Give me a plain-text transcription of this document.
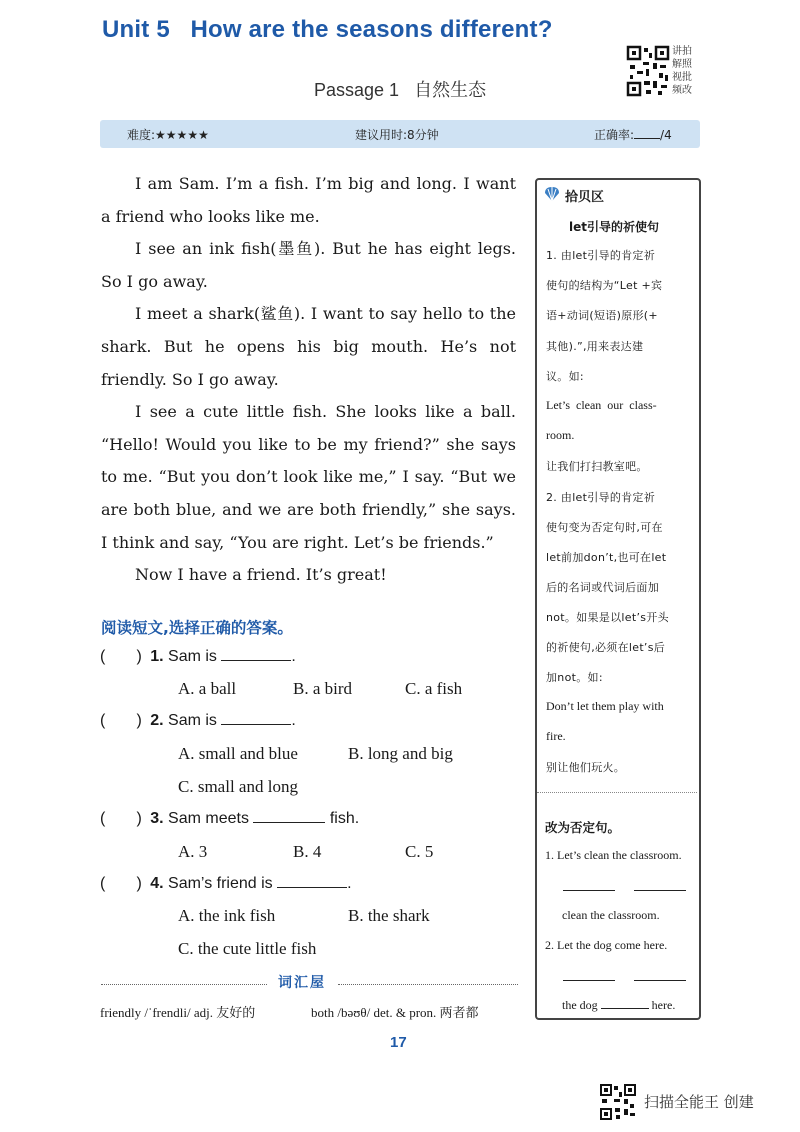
Unit 5   How are the seasons different?
Passage 1   自然生态
讲拍
解照
视批
频改
难度:★★★★★	建议用时:8分钟	正确率: /4

I am Sam. I’m a fish. I’m big and long. I want a friend who looks like me.

I see an ink fish(墨鱼). But he has eight legs. So I go away.

I meet a shark(鲨鱼). I want to say hello to the shark. But he opens his big mouth. He’s not friendly. So I go away.

I see a cute little fish. She looks like a ball. “Hello! Would you like to be my friend?” she says to me. “But you don’t look like me,” I say. “But we are both blue, and we are both friendly,” she says. I think and say, “You are right. Let’s be friends.”

Now I have a friend. It’s great!

阅读短文,选择正确的答案。
(       ) 1. Sam is	.
A. a ball	B. a bird	C. a fish
(       ) 2. Sam is	.
A. small and blue	B. long and big
C. small and long
(       ) 3. Sam meets	fish.
A. 3	B. 4	C. 5
(       ) 4. Sam’s friend is	.
A. the ink fish	B. the shark
C. the cute little fish
词汇屋
friendly /ˈfrendli/ adj. 友好的	both /bəʊθ/ det. & pron. 两者都
拾贝区
let引导的祈使句
1. 由let引导的肯定祈
使句的结构为“Let +宾
语+动词(短语)原形(+
其他).”,用来表达建
议。如:
Let’s  clean  our  class-
room.
让我们打扫教室吧。
2. 由let引导的肯定祈
使句变为否定句时,可在
let前加don’t,也可在let
后的名词或代词后面加
not。如果是以let’s开头
的祈使句,必须在let’s后
加not。如:
Don’t let them play with
fire.
别让他们玩火。
改为否定句。
1. Let’s clean the classroom.
clean the classroom.
2. Let the dog come here.
the dog	here.
17
扫描全能王 创建
